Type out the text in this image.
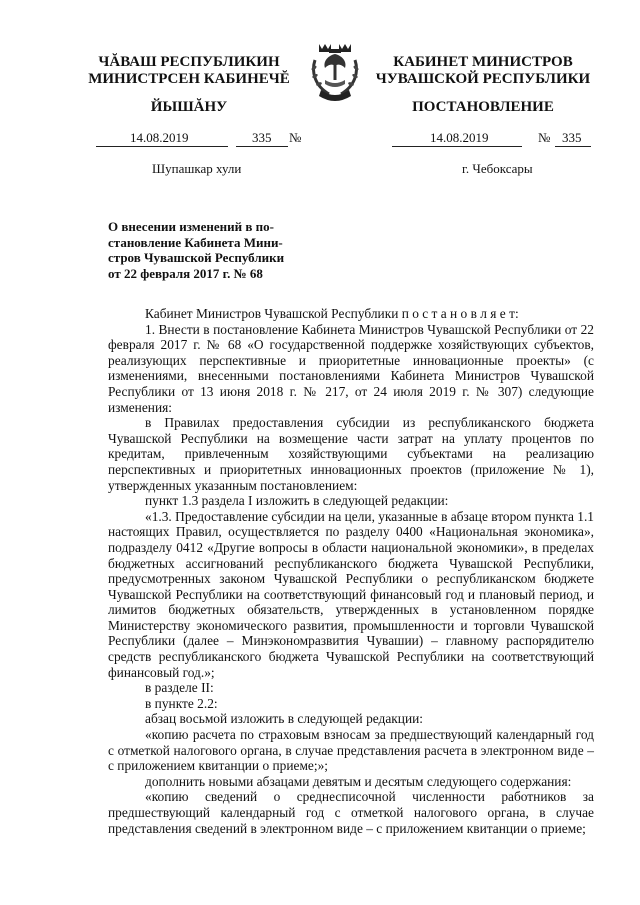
ЧĂВАШ РЕСПУБЛИКИН
МИНИСТРСЕН КАБИНЕЧĔ
ЙЫШĂНУ
КАБИНЕТ МИНИСТРОВ
ЧУВАШСКОЙ РЕСПУБЛИКИ
ПОСТАНОВЛЕНИЕ
14.08.2019	335 №	14.08.2019	№ 335
Шупашкар хули	г. Чебоксары
О внесении изменений в по-
становление Кабинета Мини-
стров Чувашской Республики
от 22 февраля 2017 г. № 68

Кабинет Министров Чувашской Республики п о с т а н о в л я е т:

1. Внести в постановление Кабинета Министров Чувашской Республики от 22 февраля 2017 г. № 68 «О государственной поддержке хозяйствующих субъектов, реализующих перспективные и приоритетные инновационные проекты» (с изменениями, внесенными постановлениями Кабинета Министров Чувашской Республики от 13 июня 2018 г. № 217, от 24 июля 2019 г. № 307) следующие изменения:

в Правилах предоставления субсидии из республиканского бюджета Чувашской Республики на возмещение части затрат на уплату процентов по кредитам, привлеченным хозяйствующими субъектами на реализацию перспективных и приоритетных инновационных проектов (приложение № 1), утвержденных указанным постановлением:

пункт 1.3 раздела I изложить в следующей редакции:

«1.3. Предоставление субсидии на цели, указанные в абзаце втором пункта 1.1 настоящих Правил, осуществляется по разделу 0400 «Национальная экономика», подразделу 0412 «Другие вопросы в области национальной экономики», в пределах бюджетных ассигнований республиканского бюджета Чувашской Республики, предусмотренных законом Чувашской Республики о республиканском бюджете Чувашской Республики на соответствующий финансовый год и плановый период, и лимитов бюджетных обязательств, утвержденных в установленном порядке Министерству экономического развития, промышленности и торговли Чувашской Республики (далее – Минэкономразвития Чувашии) – главному распорядителю средств республиканского бюджета Чувашской Республики на соответствующий финансовый год.»;

в разделе II:

в пункте 2.2:

абзац восьмой изложить в следующей редакции:

«копию расчета по страховым взносам за предшествующий календарный год с отметкой налогового органа, в случае представления расчета в электронном виде – с приложением квитанции о приеме;»;

дополнить новыми абзацами девятым и десятым следующего содержания:

«копию сведений о среднесписочной численности работников за предшествующий календарный год с отметкой налогового органа, в случае представления сведений в электронном виде – с приложением квитанции о приеме;
